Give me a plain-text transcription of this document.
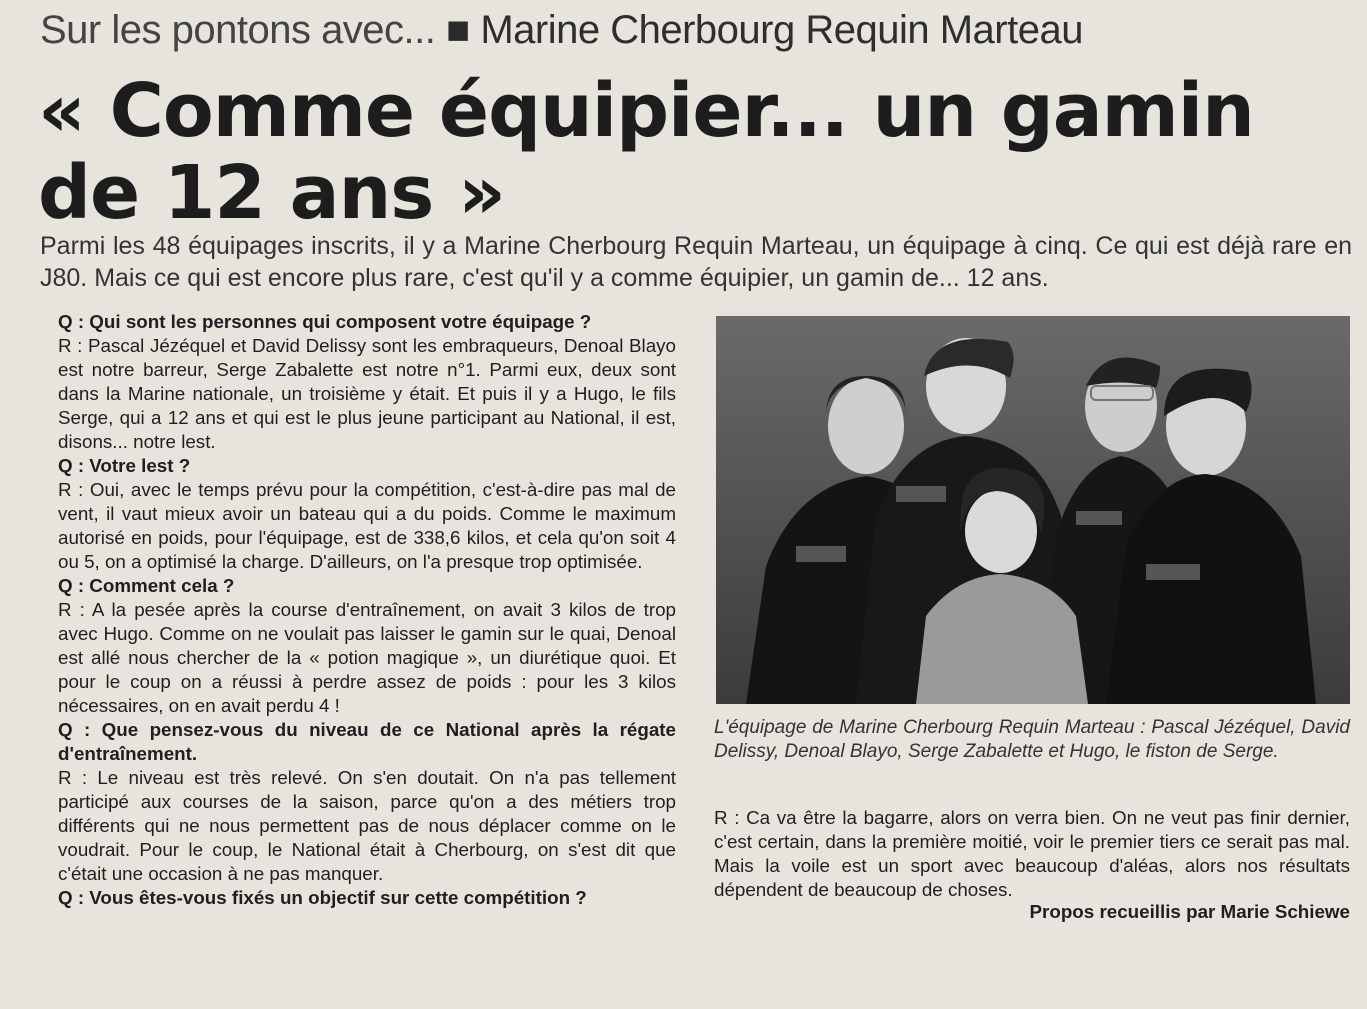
Sur les pontons avec... ■ Marine Cherbourg Requin Marteau
« Comme équipier... un gamin de 12 ans »

Parmi les 48 équipages inscrits, il y a Marine Cherbourg Requin Marteau, un équipage à cinq. Ce qui est déjà rare en J80. Mais ce qui est encore plus rare, c'est qu'il y a comme équipier, un gamin de... 12 ans.

Q : Qui sont les personnes qui composent votre équipage ?

R : Pascal Jézéquel et David Delissy sont les embraqueurs, Denoal Blayo est notre barreur, Serge Zabalette est notre n°1. Parmi eux, deux sont dans la Marine nationale, un troisième y était. Et puis il y a Hugo, le fils Serge, qui a 12 ans et qui est le plus jeune participant au National, il est, disons... notre lest.

Q : Votre lest ?

R : Oui, avec le temps prévu pour la compétition, c'est-à-dire pas mal de vent, il vaut mieux avoir un bateau qui a du poids. Comme le maximum autorisé en poids, pour l'équipage, est de 338,6 kilos, et cela qu'on soit 4 ou 5, on a optimisé la charge. D'ailleurs, on l'a presque trop optimisée.

Q : Comment cela ?

R : A la pesée après la course d'entraînement, on avait 3 kilos de trop avec Hugo. Comme on ne voulait pas laisser le gamin sur le quai, Denoal est allé nous chercher de la « potion magique », un diurétique quoi. Et pour le coup on a réussi à perdre assez de poids : pour les 3 kilos nécessaires, on en avait perdu 4 !

Q : Que pensez-vous du niveau de ce National après la régate d'entraînement.

R : Le niveau est très relevé. On s'en doutait. On n'a pas tellement participé aux courses de la saison, parce qu'on a des métiers trop différents qui ne nous permettent pas de nous déplacer comme on le voudrait. Pour le coup, le National était à Cherbourg, on s'est dit que c'était une occasion à ne pas manquer.

Q : Vous êtes-vous fixés un objectif sur cette compétition ?

L'équipage de Marine Cherbourg Requin Marteau : Pascal Jézéquel, David Delissy, Denoal Blayo, Serge Zabalette et Hugo, le fiston de Serge.

R : Ca va être la bagarre, alors on verra bien. On ne veut pas finir dernier, c'est certain, dans la première moitié, voir le premier tiers ce serait pas mal. Mais la voile est un sport avec beaucoup d'aléas, alors nos résultats dépendent de beaucoup de choses.

Propos recueillis par Marie Schiewe
